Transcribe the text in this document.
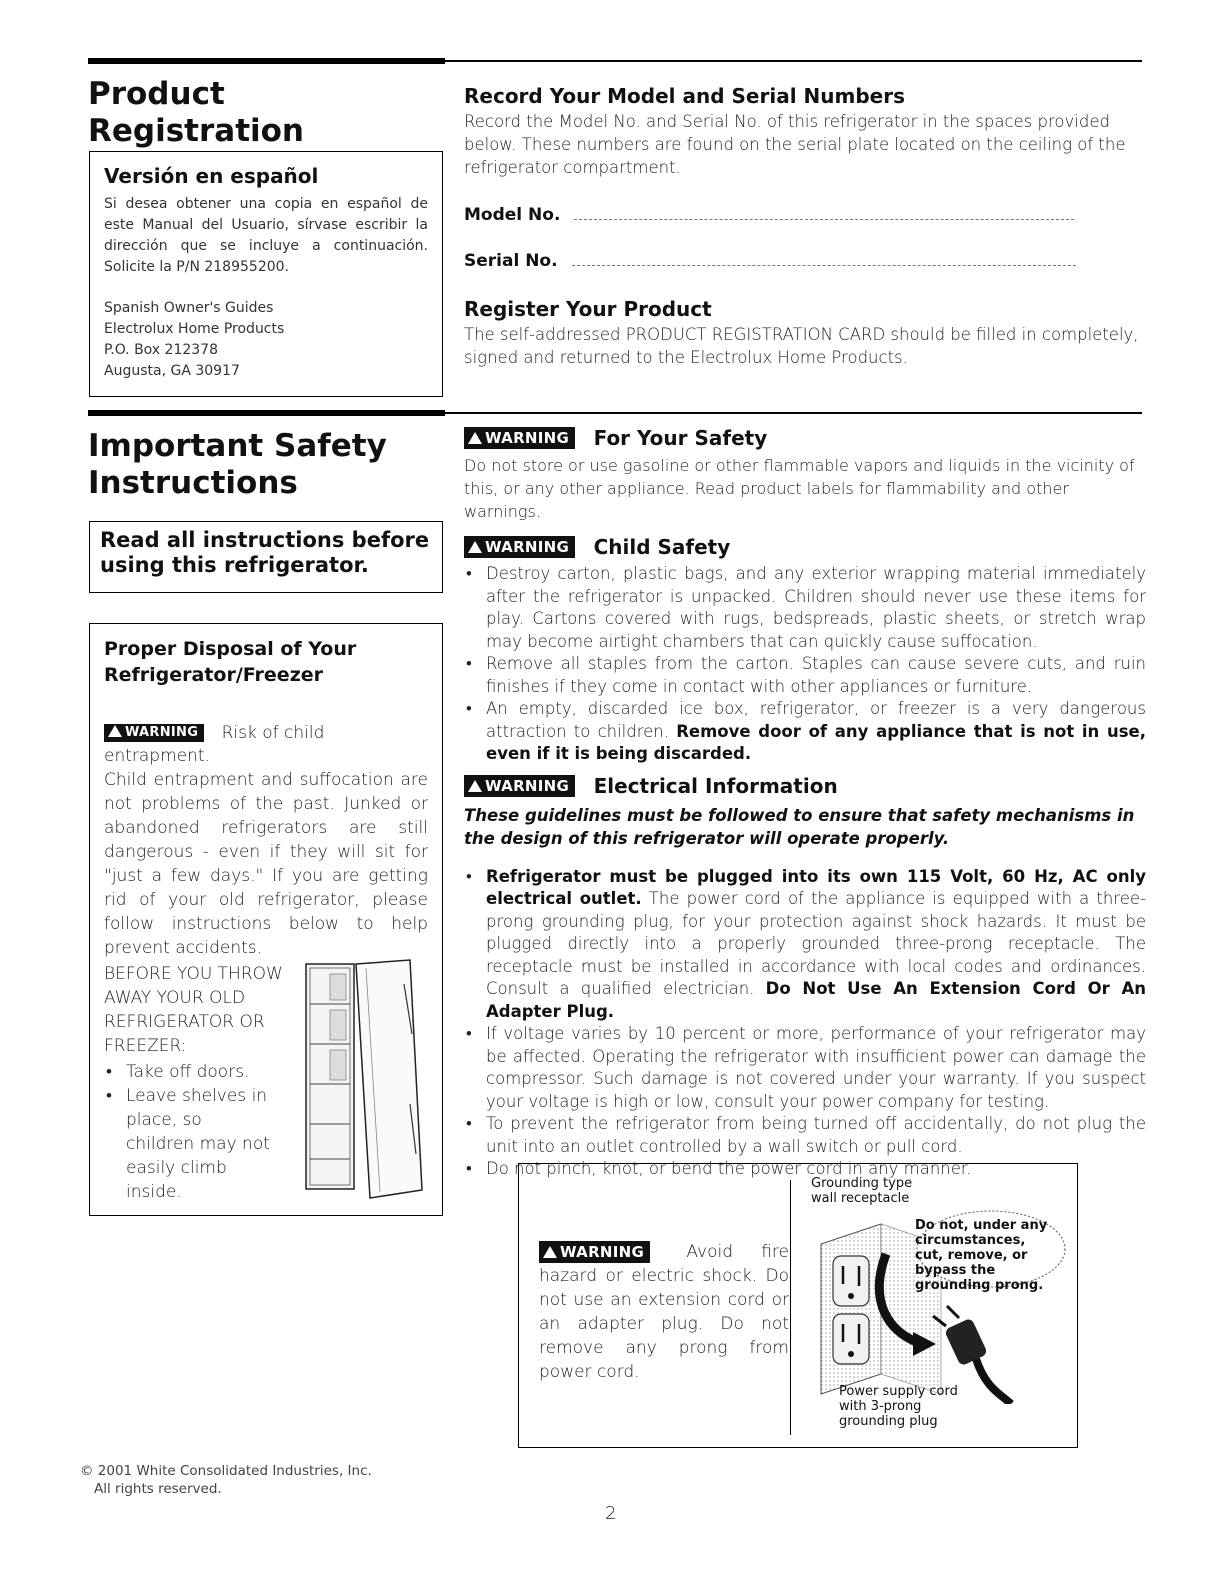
Product Registration
Versión en español
Si desea obtener una copia en español de este Manual del Usuario, sírvase escribir la dirección que se incluye a continuación. Solicite la P/N 218955200.
Spanish Owner's Guides
Electrolux Home Products
P.O. Box 212378
Augusta, GA 30917
Record Your Model and Serial Numbers
Record the Model No. and Serial No. of this refrigerator in the spaces provided below. These numbers are found on the serial plate located on the ceiling of the refrigerator compartment.
Model No.
Serial No.
Register Your Product
The self-addressed PRODUCT REGISTRATION CARD should be filled in completely, signed and returned to the Electrolux Home Products.
Important Safety Instructions
Read all instructions before using this refrigerator.
Proper Disposal of Your Refrigerator/Freezer
WARNING Risk of child entrapment.
Child entrapment and suffocation are not problems of the past. Junked or abandoned refrigerators are still dangerous - even if they will sit for "just a few days." If you are getting rid of your old refrigerator, please follow instructions below to help prevent accidents.
BEFORE YOU THROW AWAY YOUR OLD REFRIGERATOR OR FREEZER:
• Take off doors.
• Leave shelves in place, so children may not easily climb inside.
WARNING For Your Safety
Do not store or use gasoline or other flammable vapors and liquids in the vicinity of this, or any other appliance. Read product labels for flammability and other warnings.
WARNING Child Safety
• Destroy carton, plastic bags, and any exterior wrapping material immediately after the refrigerator is unpacked. Children should never use these items for play. Cartons covered with rugs, bedspreads, plastic sheets, or stretch wrap may become airtight chambers that can quickly cause suffocation.
• Remove all staples from the carton. Staples can cause severe cuts, and ruin finishes if they come in contact with other appliances or furniture.
• An empty, discarded ice box, refrigerator, or freezer is a very dangerous attraction to children. Remove door of any appliance that is not in use, even if it is being discarded.
WARNING Electrical Information
These guidelines must be followed to ensure that safety mechanisms in the design of this refrigerator will operate properly.
• Refrigerator must be plugged into its own 115 Volt, 60 Hz, AC only electrical outlet. The power cord of the appliance is equipped with a three-prong grounding plug, for your protection against shock hazards. It must be plugged directly into a properly grounded three-prong receptacle. The receptacle must be installed in accordance with local codes and ordinances. Consult a qualified electrician. Do Not Use An Extension Cord Or An Adapter Plug.
• If voltage varies by 10 percent or more, performance of your refrigerator may be affected. Operating the refrigerator with insufficient power can damage the compressor. Such damage is not covered under your warranty. If you suspect your voltage is high or low, consult your power company for testing.
• To prevent the refrigerator from being turned off accidentally, do not plug the unit into an outlet controlled by a wall switch or pull cord.
• Do not pinch, knot, or bend the power cord in any manner.
WARNING Avoid fire hazard or electric shock. Do not use an extension cord or an adapter plug. Do not remove any prong from power cord.
Grounding type wall receptacle
Do not, under any circumstances, cut, remove, or bypass the grounding prong.
Power supply cord with 3-prong grounding plug
© 2001 White Consolidated Industries, Inc.
All rights reserved.
2
